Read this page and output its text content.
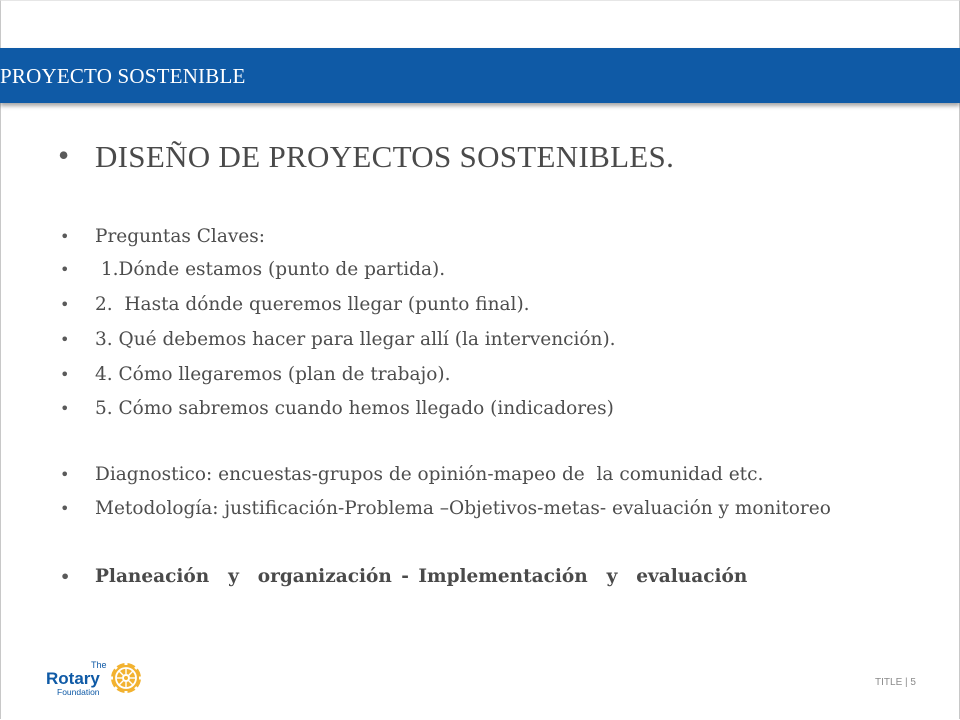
PROYECTO SOSTENIBLE
• DISEÑO DE PROYECTOS SOSTENIBLES.
• Preguntas Claves:
•  1.Dónde estamos (punto de partida).
• 2.  Hasta dónde queremos llegar (punto final).
• 3. Qué debemos hacer para llegar allí (la intervención).
• 4. Cómo llegaremos (plan de trabajo).
• 5. Cómo sabremos cuando hemos llegado (indicadores)
• Diagnostico: encuestas-grupos de opinión-mapeo de  la comunidad etc.
• Metodología: justificación-Problema –Objetivos-metas- evaluación y monitoreo
• Planeación  y  organización - Implementación  y  evaluación
The
Rotary
Foundation
TITLE | 5
